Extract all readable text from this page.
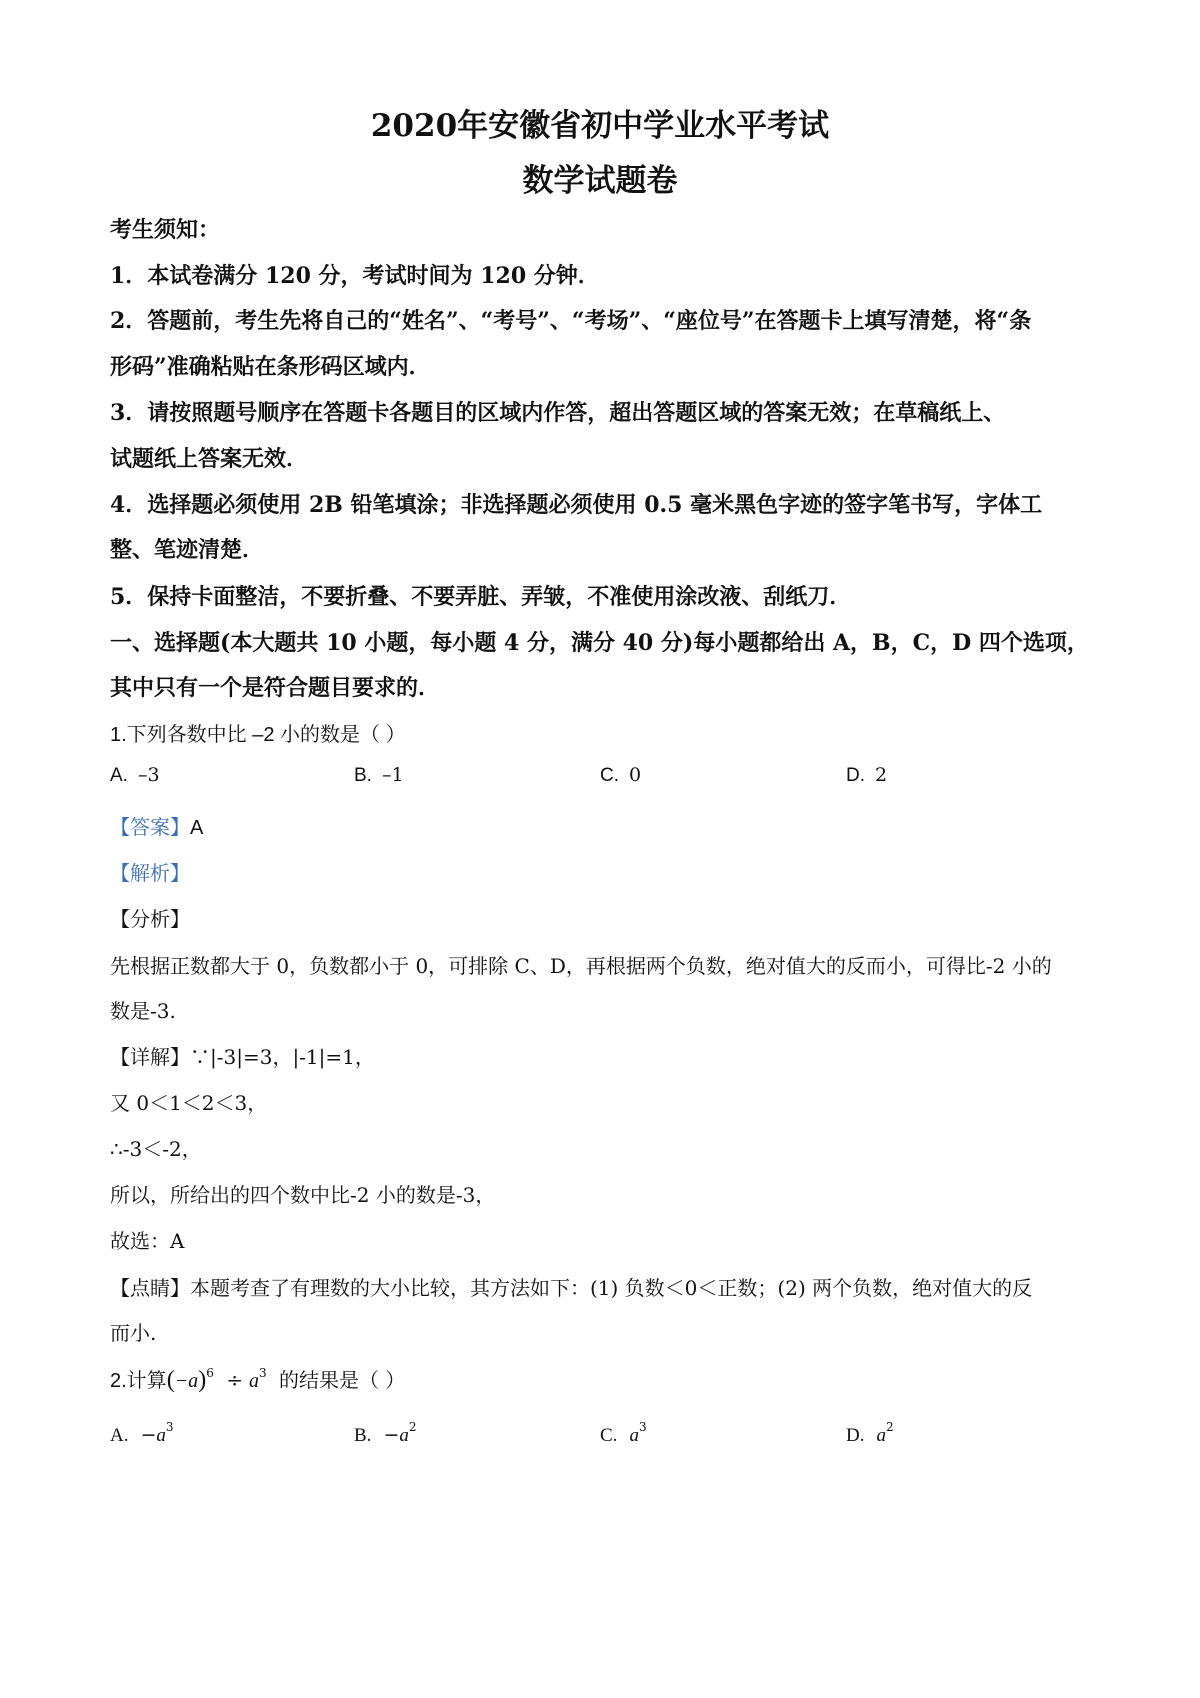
2020年安徽省初中学业水平考试
数学试题卷
考生须知：
1．本试卷满分 120 分，考试时间为 120 分钟．
2．答题前，考生先将自己的“姓名”、“考号”、“考场”、“座位号”在答题卡上填写清楚，将“条
形码”准确粘贴在条形码区域内．
3．请按照题号顺序在答题卡各题目的区域内作答，超出答题区域的答案无效；在草稿纸上、
试题纸上答案无效．
4．选择题必须使用 2B 铅笔填涂；非选择题必须使用 0.5 毫米黑色字迹的签字笔书写，字体工
整、笔迹清楚．
5．保持卡面整洁，不要折叠、不要弄脏、弄皱，不准使用涂改液、刮纸刀．
一、选择题(本大题共 10 小题，每小题 4 分，满分 40 分)每小题都给出 A，B，C，D 四个选项，
其中只有一个是符合题目要求的．
1.下列各数中比 –2 小的数是（ ）
A. –3	B. –1	C. 0	D. 2
【答案】A
【解析】
【分析】
先根据正数都大于 0，负数都小于 0，可排除 C、D，再根据两个负数，绝对值大的反而小，可得比-2 小的
数是-3.
【详解】∵|-3|=3，|-1|=1，
又 0＜1＜2＜3，
∴-3＜-2，
所以，所给出的四个数中比-2 小的数是-3，
故选：A
【点睛】本题考查了有理数的大小比较，其方法如下：(1) 负数＜0＜正数；(2) 两个负数，绝对值大的反
而小.
2.计算$(-a)^6 \div a^3$ 的结果是（ ）
A. $-a^3$	B. $-a^2$	C. $a^3$	D. $a^2$
